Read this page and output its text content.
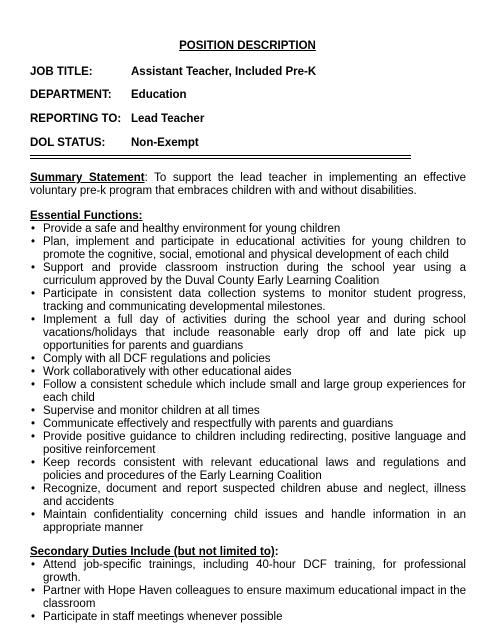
POSITION DESCRIPTION
JOB TITLE:	Assistant Teacher, Included Pre-K
DEPARTMENT: Education
REPORTING TO: Lead Teacher
DOL STATUS: Non-Exempt

Summary Statement: To support the lead teacher in implementing an effective voluntary pre-k program that embraces children with and without disabilities.

Essential Functions:
• Provide a safe and healthy environment for young children
• Plan, implement and participate in educational activities for young children to promote the cognitive, social, emotional and physical development of each child
• Support and provide classroom instruction during the school year using a curriculum approved by the Duval County Early Learning Coalition
• Participate in consistent data collection systems to monitor student progress, tracking and communicating developmental milestones.
• Implement a full day of activities during the school year and during school vacations/holidays that include reasonable early drop off and late pick up opportunities for parents and guardians
• Comply with all DCF regulations and policies
• Work collaboratively with other educational aides
• Follow a consistent schedule which include small and large group experiences for each child
• Supervise and monitor children at all times
• Communicate effectively and respectfully with parents and guardians
• Provide positive guidance to children including redirecting, positive language and positive reinforcement
• Keep records consistent with relevant educational laws and regulations and policies and procedures of the Early Learning Coalition
• Recognize, document and report suspected children abuse and neglect, illness and accidents
• Maintain confidentiality concerning child issues and handle information in an appropriate manner
Secondary Duties Include (but not limited to):
• Attend job-specific trainings, including 40-hour DCF training, for professional growth.
• Partner with Hope Haven colleagues to ensure maximum educational impact in the classroom
• Participate in staff meetings whenever possible
